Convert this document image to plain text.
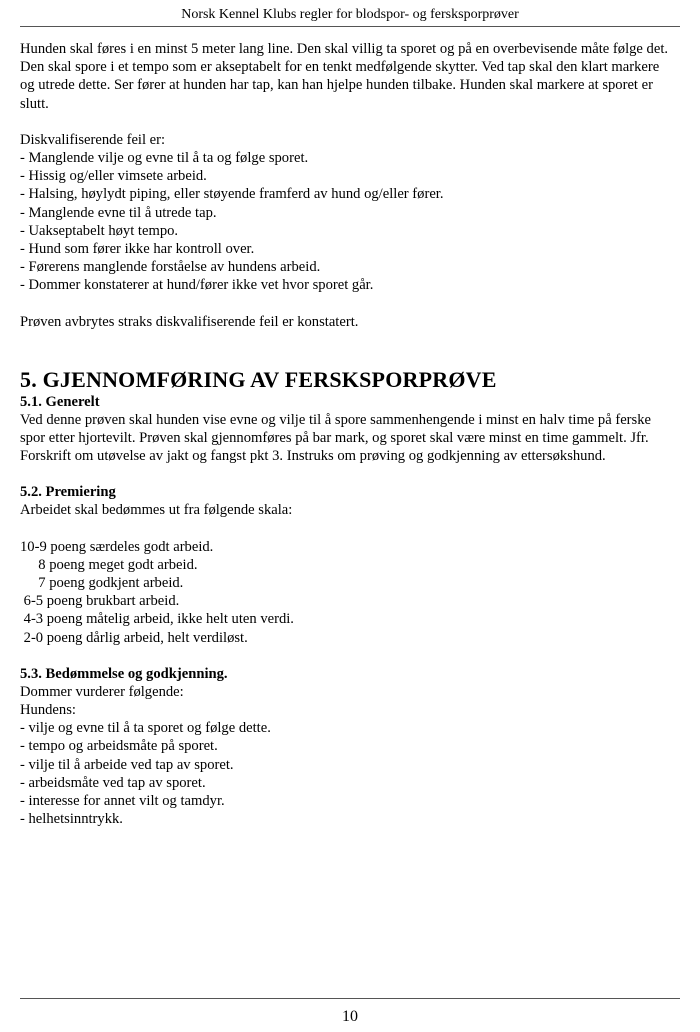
Norsk Kennel Klubs regler for blodspor- og fersksporprøver

Hunden skal føres i en minst 5 meter lang line. Den skal villig ta sporet og på en overbevisende måte følge det. Den skal spore i et tempo som er akseptabelt for en tenkt medfølgende skytter. Ved tap skal den klart markere og utrede dette. Ser fører at hunden har tap, kan han hjelpe hunden tilbake. Hunden skal markere at sporet er slutt.

Diskvalifiserende feil er:

- Manglende vilje og evne til å ta og følge sporet.
- Hissig og/eller vimsete arbeid.
- Halsing, høylydt piping, eller støyende framferd av hund og/eller fører.
- Manglende evne til å utrede tap.
- Uakseptabelt høyt tempo.
- Hund som fører ikke har kontroll over.
- Førerens manglende forståelse av hundens arbeid.
- Dommer konstaterer at hund/fører ikke vet hvor sporet går.

Prøven avbrytes straks diskvalifiserende feil er konstatert.

5. GJENNOMFØRING AV FERSKSPORPRØVE
5.1. Generelt

Ved denne prøven skal hunden vise evne og vilje til å spore sammenhengende i minst en halv time på ferske spor etter hjortevilt. Prøven skal gjennomføres på bar mark, og sporet skal være minst en time gammelt. Jfr. Forskrift om utøvelse av jakt og fangst pkt 3. Instruks om prøving og godkjenning av ettersøkshund.

5.2. Premiering

Arbeidet skal bedømmes ut fra følgende skala:

10-9 poeng særdeles godt arbeid.
8 poeng meget godt arbeid.
7 poeng godkjent arbeid.
6-5 poeng brukbart arbeid.
4-3 poeng måtelig arbeid, ikke helt uten verdi.
2-0 poeng dårlig arbeid, helt verdiløst.
5.3. Bedømmelse og godkjenning.

Dommer vurderer følgende:

Hundens:

- vilje og evne til å ta sporet og følge dette.
- tempo og arbeidsmåte på sporet.
- vilje til å arbeide ved tap av sporet.
- arbeidsmåte ved tap av sporet.
- interesse for annet vilt og tamdyr.
- helhetsinntrykk.
10
